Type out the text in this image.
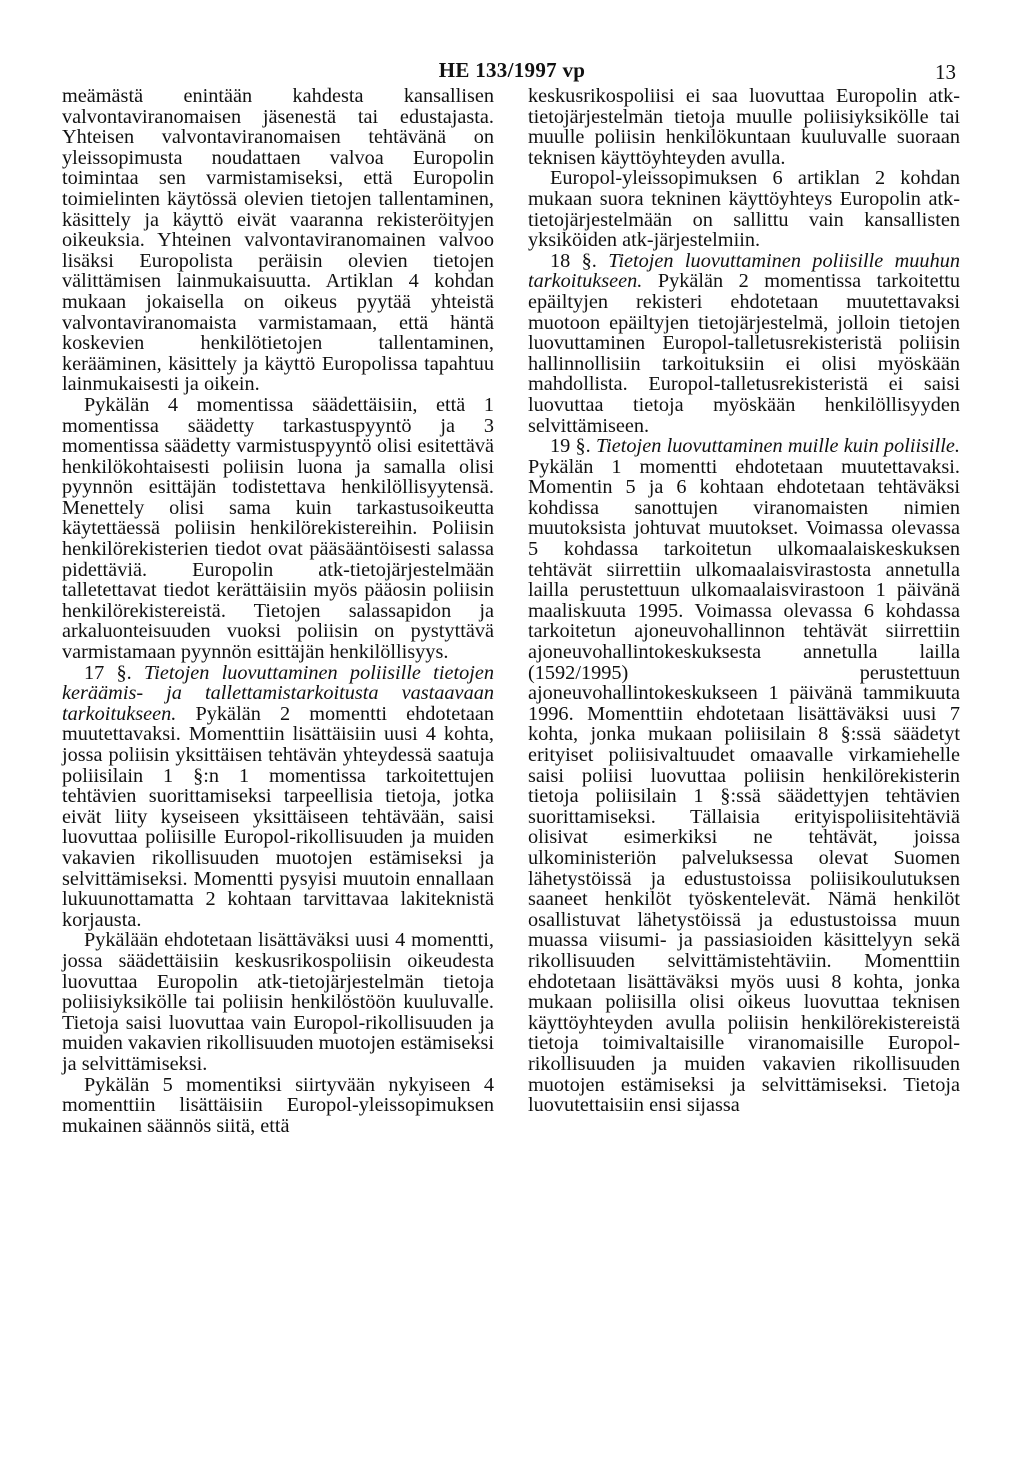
HE 133/1997 vp	13

meämästä enintään kahdesta kansallisen valvontaviranomaisen jäsenestä tai edustajasta. Yhteisen valvontaviranomaisen tehtävänä on yleissopimusta noudattaen valvoa Europolin toimintaa sen varmistamiseksi, että Europolin toimielinten käytössä olevien tietojen tallentaminen, käsittely ja käyttö eivät vaaranna rekisteröityjen oikeuksia. Yhteinen valvontaviranomainen valvoo lisäksi Europolista peräisin olevien tietojen välittämisen lainmukaisuutta. Artiklan 4 kohdan mukaan jokaisella on oikeus pyytää yhteistä valvontaviranomaista varmistamaan, että häntä koskevien henkilötietojen tallentaminen, kerääminen, käsittely ja käyttö Europolissa tapahtuu lainmukaisesti ja oikein.

Pykälän 4 momentissa säädettäisiin, että 1 momentissa säädetty tarkastuspyyntö ja 3 momentissa säädetty varmistuspyyntö olisi esitettävä henkilökohtaisesti poliisin luona ja samalla olisi pyynnön esittäjän todistettava henkilöllisyytensä. Menettely olisi sama kuin tarkastusoikeutta käytettäessä poliisin henkilörekistereihin. Poliisin henkilörekisterien tiedot ovat pääsääntöisesti salassa pidettäviä. Europolin atk-tietojärjestelmään talletettavat tiedot kerättäisiin myös pääosin poliisin henkilörekistereistä. Tietojen salassapidon ja arkaluonteisuuden vuoksi poliisin on pystyttävä varmistamaan pyynnön esittäjän henkilöllisyys.

17 §. Tietojen luovuttaminen poliisille tietojen keräämis- ja tallettamistarkoitusta vastaavaan tarkoitukseen. Pykälän 2 momentti ehdotetaan muutettavaksi. Momenttiin lisättäisiin uusi 4 kohta, jossa poliisin yksittäisen tehtävän yhteydessä saatuja poliisilain 1 §:n 1 momentissa tarkoitettujen tehtävien suorittamiseksi tarpeellisia tietoja, jotka eivät liity kyseiseen yksittäiseen tehtävään, saisi luovuttaa poliisille Europol-rikollisuuden ja muiden vakavien rikollisuuden muotojen estämiseksi ja selvittämiseksi. Momentti pysyisi muutoin ennallaan lukuunottamatta 2 kohtaan tarvittavaa lakiteknistä korjausta.

Pykälään ehdotetaan lisättäväksi uusi 4 momentti, jossa säädettäisiin keskusrikospoliisin oikeudesta luovuttaa Europolin atk-tietojärjestelmän tietoja poliisiyksikölle tai poliisin henkilöstöön kuuluvalle. Tietoja saisi luovuttaa vain Europol-rikollisuuden ja muiden vakavien rikollisuuden muotojen estämiseksi ja selvittämiseksi.

Pykälän 5 momentiksi siirtyvään nykyiseen 4 momenttiin lisättäisiin Europol-yleissopimuksen mukainen säännös siitä, että

keskusrikospoliisi ei saa luovuttaa Europolin atk-tietojärjestelmän tietoja muulle poliisiyksikölle tai muulle poliisin henkilökuntaan kuuluvalle suoraan teknisen käyttöyhteyden avulla.

Europol-yleissopimuksen 6 artiklan 2 kohdan mukaan suora tekninen käyttöyhteys Europolin atk-tietojärjestelmään on sallittu vain kansallisten yksiköiden atk-järjestelmiin.

18 §. Tietojen luovuttaminen poliisille muuhun tarkoitukseen. Pykälän 2 momentissa tarkoitettu epäiltyjen rekisteri ehdotetaan muutettavaksi muotoon epäiltyjen tietojärjestelmä, jolloin tietojen luovuttaminen Europol-talletusrekisteristä poliisin hallinnollisiin tarkoituksiin ei olisi myöskään mahdollista. Europol-talletusrekisteristä ei saisi luovuttaa tietoja myöskään henkilöllisyyden selvittämiseen.

19 §. Tietojen luovuttaminen muille kuin poliisille. Pykälän 1 momentti ehdotetaan muutettavaksi. Momentin 5 ja 6 kohtaan ehdotetaan tehtäväksi kohdissa sanottujen viranomaisten nimien muutoksista johtuvat muutokset. Voimassa olevassa 5 kohdassa tarkoitetun ulkomaalaiskeskuksen tehtävät siirrettiin ulkomaalaisvirastosta annetulla lailla perustettuun ulkomaalaisvirastoon 1 päivänä maaliskuuta 1995. Voimassa olevassa 6 kohdassa tarkoitetun ajoneuvohallinnon tehtävät siirrettiin ajoneuvohallintokeskuksesta annetulla lailla (1592/1995) perustettuun ajoneuvohallintokeskukseen 1 päivänä tammikuuta 1996. Momenttiin ehdotetaan lisättäväksi uusi 7 kohta, jonka mukaan poliisilain 8 §:ssä säädetyt erityiset poliisivaltuudet omaavalle virkamiehelle saisi poliisi luovuttaa poliisin henkilörekisterin tietoja poliisilain 1 §:ssä säädettyjen tehtävien suorittamiseksi. Tällaisia erityispoliisitehtäviä olisivat esimerkiksi ne tehtävät, joissa ulkoministeriön palveluksessa olevat Suomen lähetystöissä ja edustustoissa poliisikoulutuksen saaneet henkilöt työskentelevät. Nämä henkilöt osallistuvat lähetystöissä ja edustustoissa muun muassa viisumi- ja passiasioiden käsittelyyn sekä rikollisuuden selvittämistehtäviin. Momenttiin ehdotetaan lisättäväksi myös uusi 8 kohta, jonka mukaan poliisilla olisi oikeus luovuttaa teknisen käyttöyhteyden avulla poliisin henkilörekistereistä tietoja toimivaltaisille viranomaisille Europol-rikollisuuden ja muiden vakavien rikollisuuden muotojen estämiseksi ja selvittämiseksi. Tietoja luovutettaisiin ensi sijassa
